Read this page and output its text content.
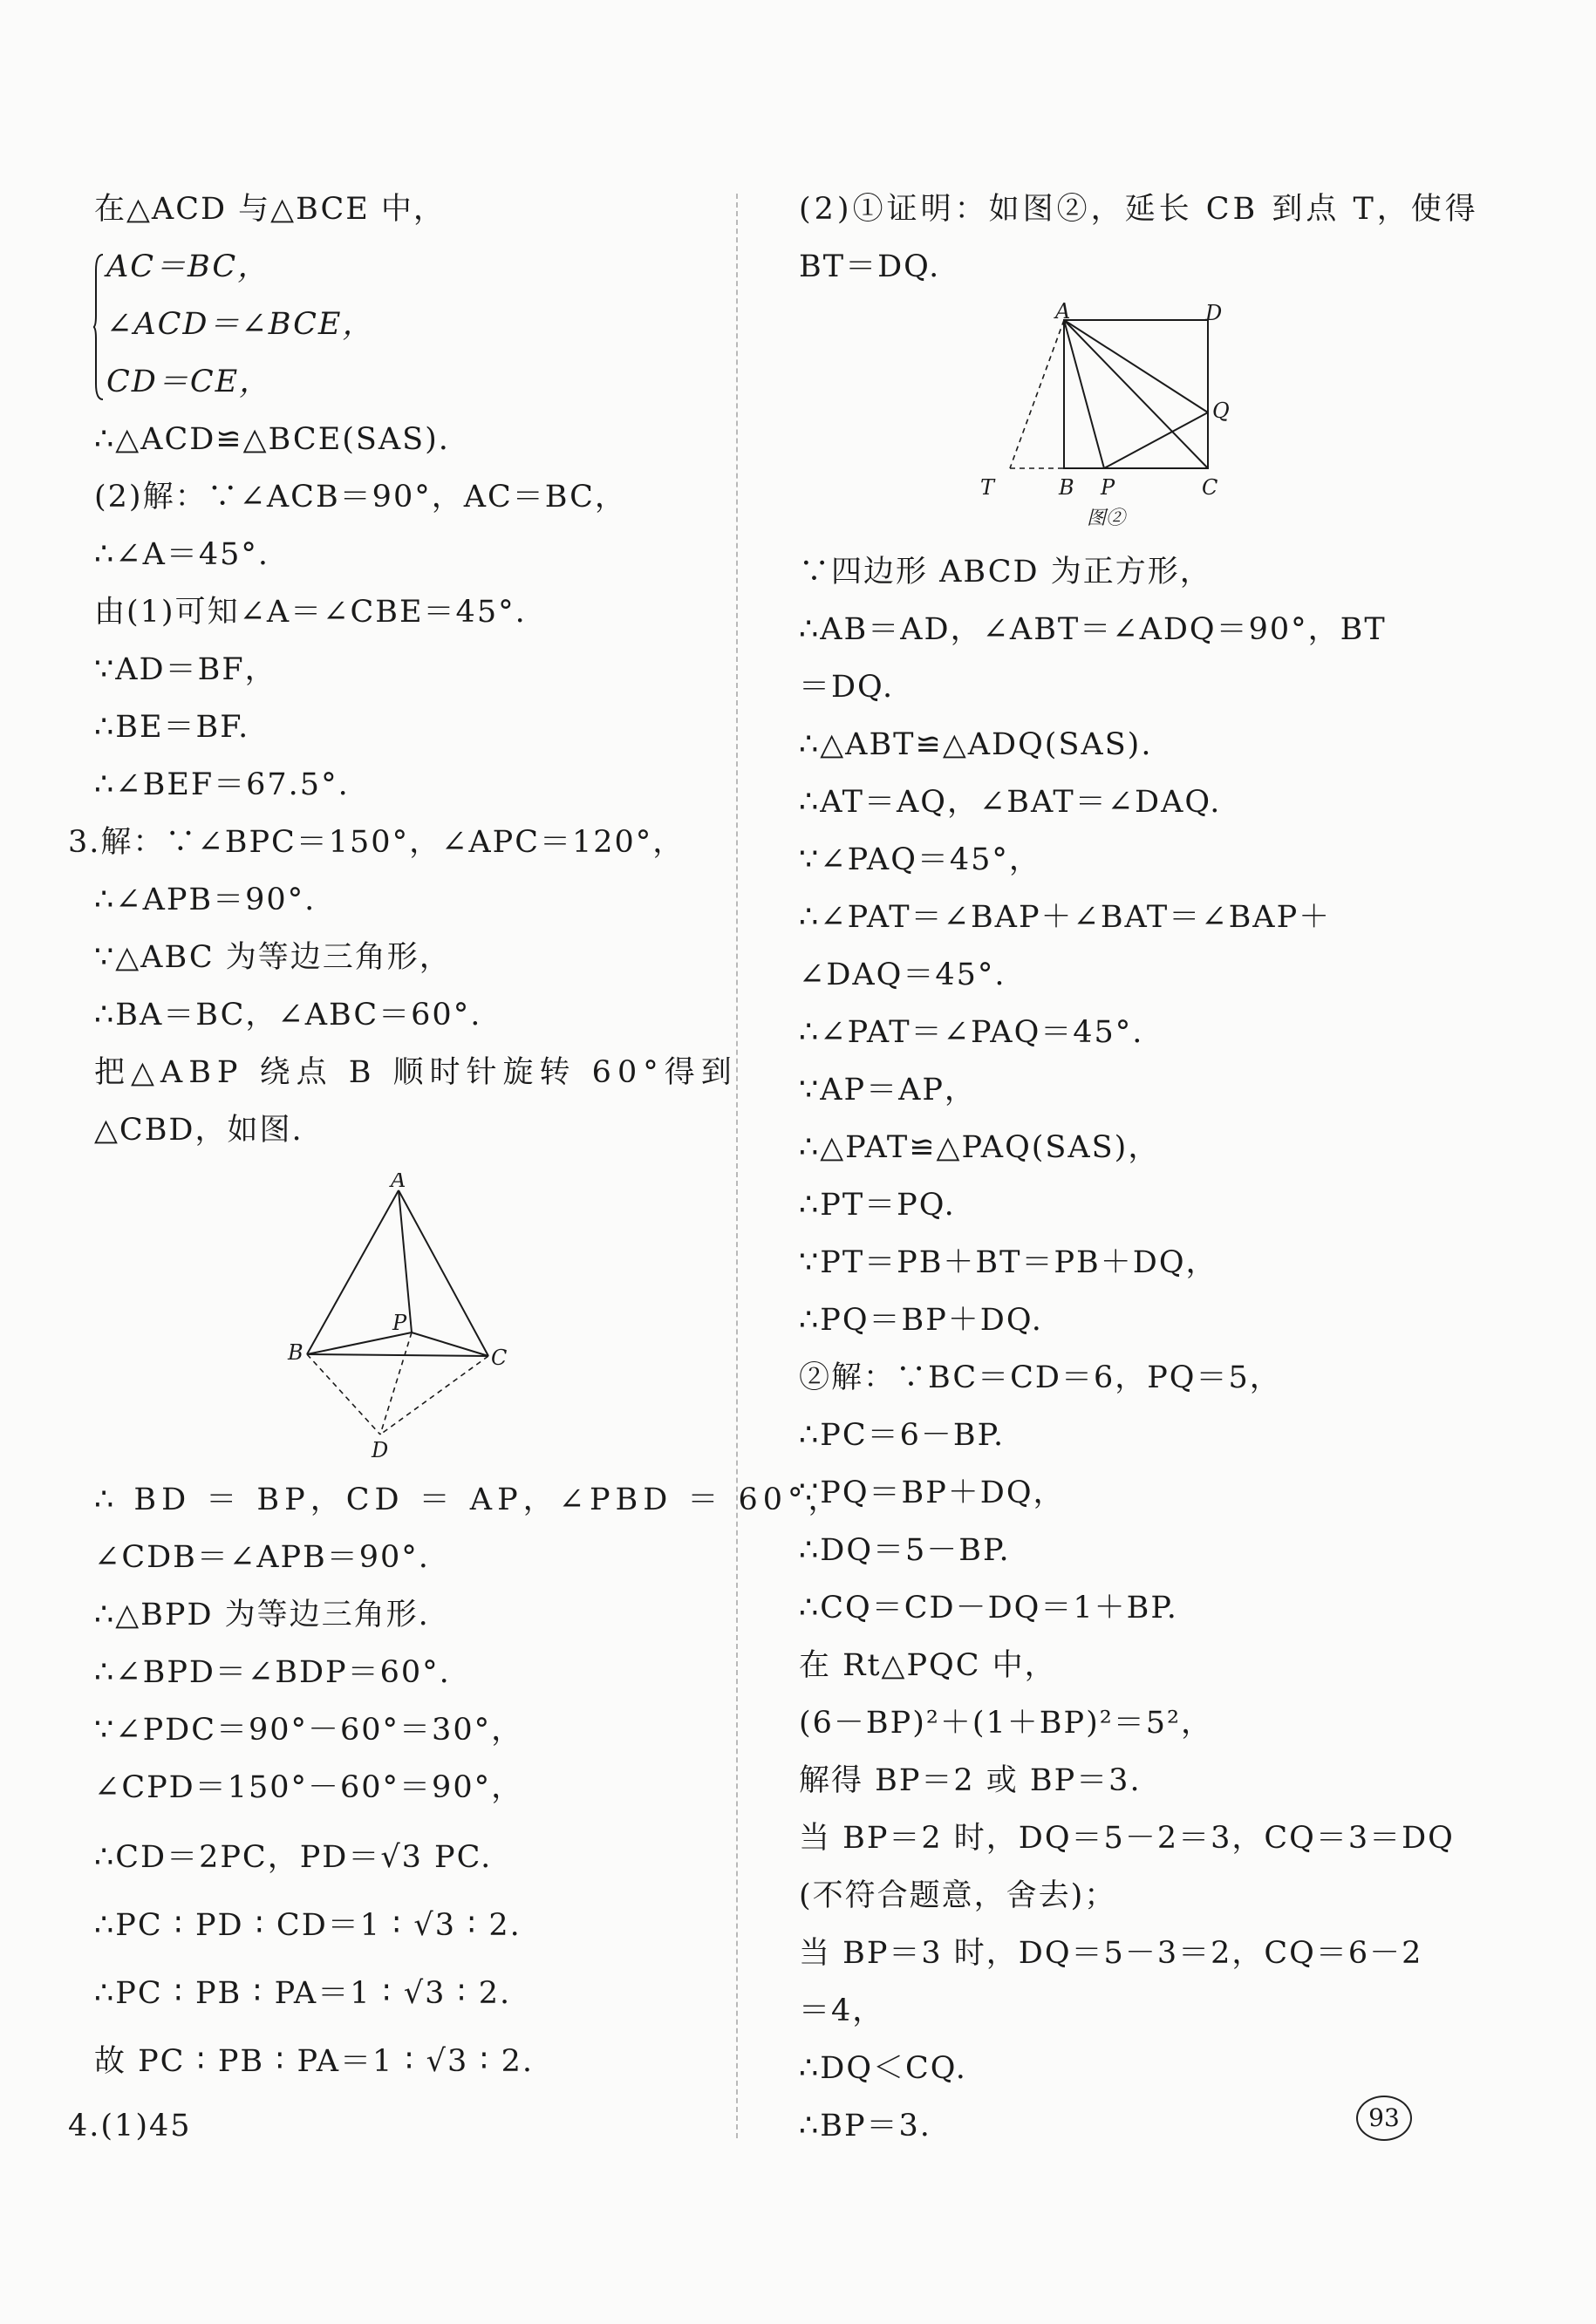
在△ACD 与△BCE 中，
AC＝BC，
∠ACD＝∠BCE，
CD＝CE，
∴△ACD≌△BCE(SAS).
(2)解：∵∠ACB＝90°，AC＝BC，
∴∠A＝45°.
由(1)可知∠A＝∠CBE＝45°.
∵AD＝BF，
∴BE＝BF.
∴∠BEF＝67.5°.
3.解：∵∠BPC＝150°，∠APC＝120°，
∴∠APB＝90°.
∵△ABC 为等边三角形，
∴BA＝BC，∠ABC＝60°.
把△ABP 绕点 B 顺时针旋转 60°得到
△CBD，如图.
A
B	C
P
D
∴ BD ＝ BP，CD ＝ AP，∠PBD ＝ 60°，
∠CDB＝∠APB＝90°.
∴△BPD 为等边三角形.
∴∠BPD＝∠BDP＝60°.
∵∠PDC＝90°－60°＝30°，
∠CPD＝150°－60°＝90°，
∴CD＝2PC，PD＝√3 PC.
∴PC ∶ PD ∶ CD＝1 ∶ √3 ∶ 2.
∴PC ∶ PB ∶ PA＝1 ∶ √3 ∶ 2.
故 PC ∶ PB ∶ PA＝1 ∶ √3 ∶ 2.
4.(1)45
(2)①证明：如图②，延长 CB 到点 T，使得
BT＝DQ.
A	D
Q
T	B P	C
图②
∵四边形 ABCD 为正方形，
∴AB＝AD，∠ABT＝∠ADQ＝90°，BT
＝DQ.
∴△ABT≌△ADQ(SAS).
∴AT＝AQ，∠BAT＝∠DAQ.
∵∠PAQ＝45°，
∴∠PAT＝∠BAP＋∠BAT＝∠BAP＋
∠DAQ＝45°.
∴∠PAT＝∠PAQ＝45°.
∵AP＝AP，
∴△PAT≌△PAQ(SAS)，
∴PT＝PQ.
∵PT＝PB＋BT＝PB＋DQ，
∴PQ＝BP＋DQ.
②解：∵BC＝CD＝6，PQ＝5，
∴PC＝6－BP.
∵PQ＝BP＋DQ，
∴DQ＝5－BP.
∴CQ＝CD－DQ＝1＋BP.
在 Rt△PQC 中，
(6－BP)²＋(1＋BP)²＝5²，
解得 BP＝2 或 BP＝3.
当 BP＝2 时，DQ＝5－2＝3，CQ＝3＝DQ
(不符合题意，舍去)；
当 BP＝3 时，DQ＝5－3＝2，CQ＝6－2
＝4，
∴DQ＜CQ.
∴BP＝3.	93
